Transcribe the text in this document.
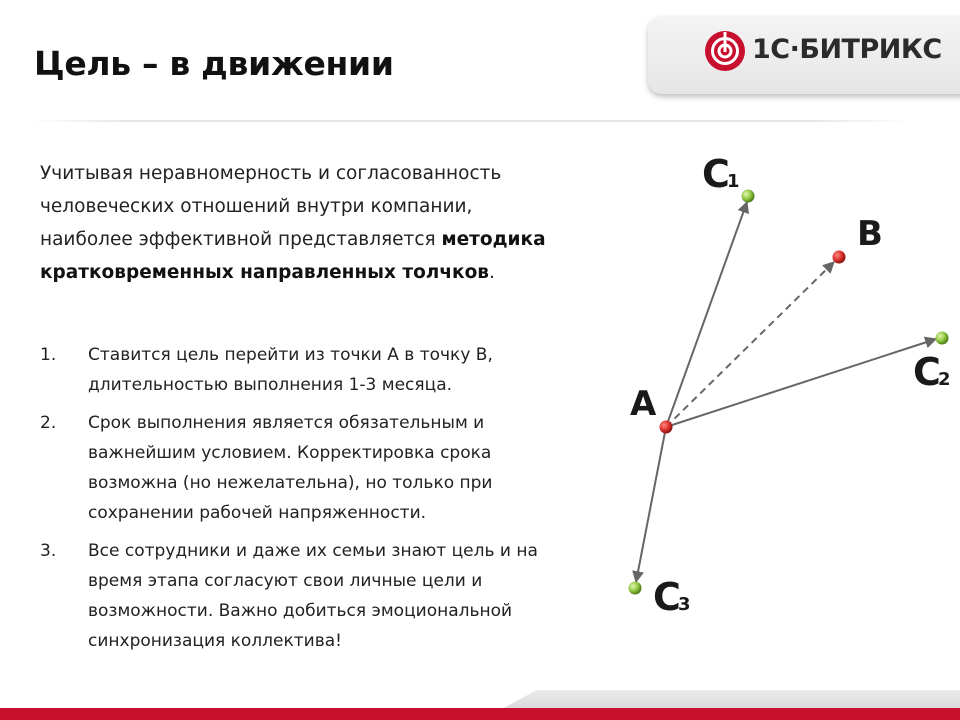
Цель – в движении	1С·БИТРИКС
Учитывая неравномерность и согласованность человеческих отношений внутри компании, наиболее эффективной представляется методика кратковременных направленных толчков.
1. Ставится цель перейти из точки А в точку В, длительностью выполнения 1-3 месяца.
2. Срок выполнения является обязательным и важнейшим условием. Корректировка срока возможна (но нежелательна), но только при сохранении рабочей напряженности.
3. Все сотрудники и даже их семьи знают цель и на время этапа согласуют свои личные цели и возможности. Важно добиться эмоциональной синхронизация коллектива!
C
1
B
C
2
A
C
3
